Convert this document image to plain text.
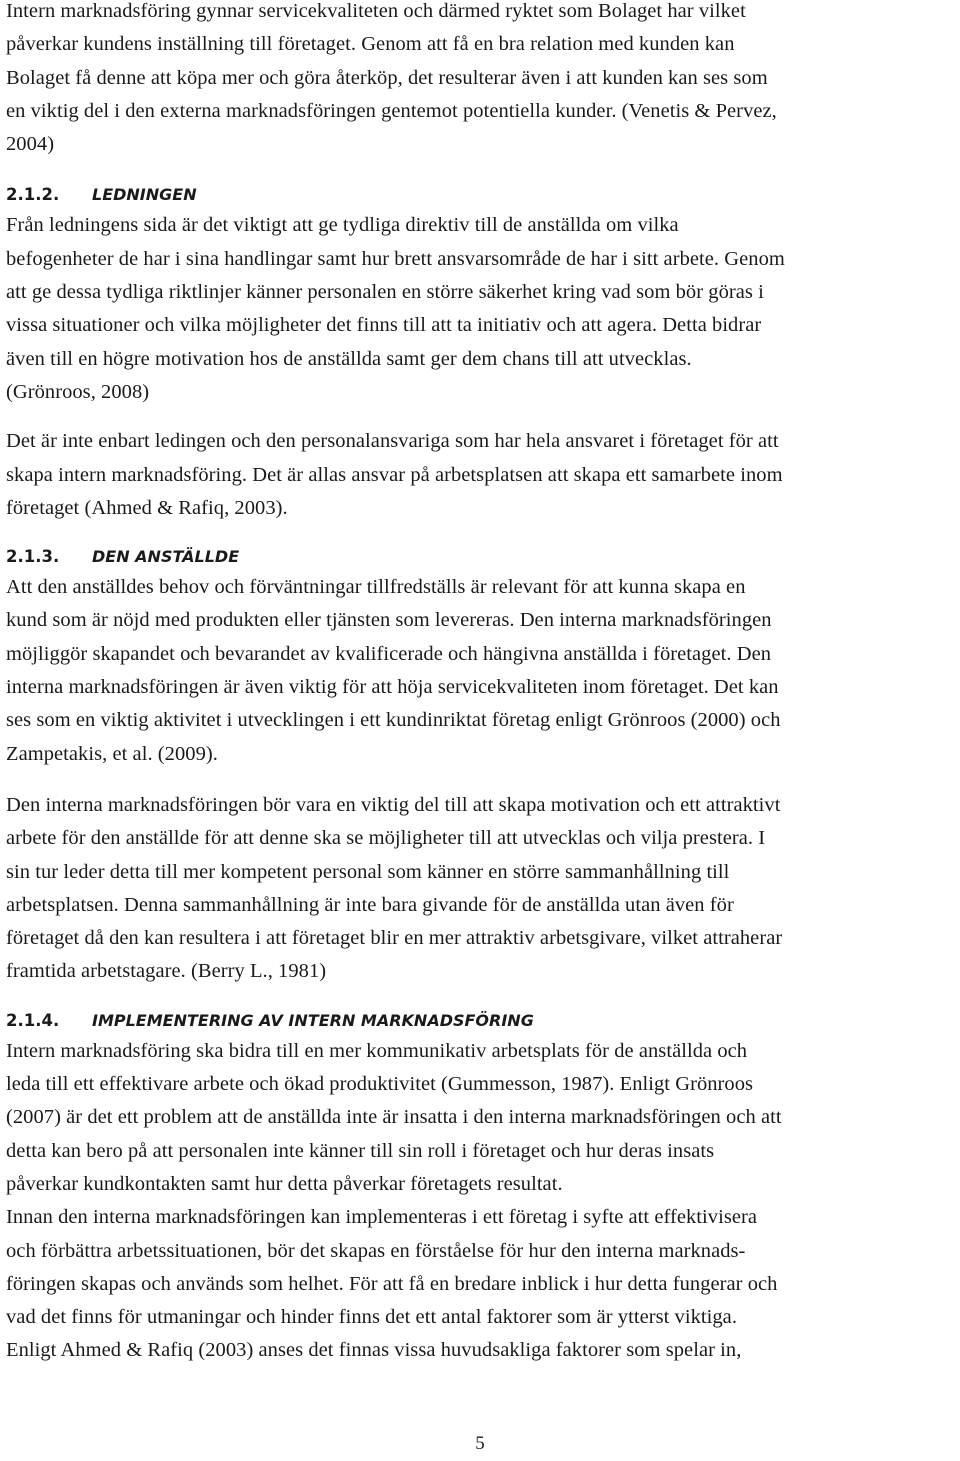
Intern marknadsföring gynnar servicekvaliteten och därmed ryktet som Bolaget har vilket
påverkar kundens inställning till företaget. Genom att få en bra relation med kunden kan
Bolaget få denne att köpa mer och göra återköp, det resulterar även i att kunden kan ses som
en viktig del i den externa marknadsföringen gentemot potentiella kunder. (Venetis & Pervez,
2004)

2.1.2. LEDNINGEN

Från ledningens sida är det viktigt att ge tydliga direktiv till de anställda om vilka
befogenheter de har i sina handlingar samt hur brett ansvarsområde de har i sitt arbete. Genom
att ge dessa tydliga riktlinjer känner personalen en större säkerhet kring vad som bör göras i
vissa situationer och vilka möjligheter det finns till att ta initiativ och att agera. Detta bidrar
även till en högre motivation hos de anställda samt ger dem chans till att utvecklas.
(Grönroos, 2008)

Det är inte enbart ledingen och den personalansvariga som har hela ansvaret i företaget för att
skapa intern marknadsföring. Det är allas ansvar på arbetsplatsen att skapa ett samarbete inom
företaget (Ahmed & Rafiq, 2003).

2.1.3. DEN ANSTÄLLDE

Att den anställdes behov och förväntningar tillfredställs är relevant för att kunna skapa en
kund som är nöjd med produkten eller tjänsten som levereras. Den interna marknadsföringen
möjliggör skapandet och bevarandet av kvalificerade och hängivna anställda i företaget. Den
interna marknadsföringen är även viktig för att höja servicekvaliteten inom företaget. Det kan
ses som en viktig aktivitet i utvecklingen i ett kundinriktat företag enligt Grönroos (2000) och
Zampetakis, et al. (2009).

Den interna marknadsföringen bör vara en viktig del till att skapa motivation och ett attraktivt
arbete för den anställde för att denne ska se möjligheter till att utvecklas och vilja prestera. I
sin tur leder detta till mer kompetent personal som känner en större sammanhållning till
arbetsplatsen. Denna sammanhållning är inte bara givande för de anställda utan även för
företaget då den kan resultera i att företaget blir en mer attraktiv arbetsgivare, vilket attraherar
framtida arbetstagare. (Berry L., 1981)

2.1.4. IMPLEMENTERING AV INTERN MARKNADSFÖRING

Intern marknadsföring ska bidra till en mer kommunikativ arbetsplats för de anställda och
leda till ett effektivare arbete och ökad produktivitet (Gummesson, 1987). Enligt Grönroos
(2007) är det ett problem att de anställda inte är insatta i den interna marknadsföringen och att
detta kan bero på att personalen inte känner till sin roll i företaget och hur deras insats
påverkar kundkontakten samt hur detta påverkar företagets resultat.

Innan den interna marknadsföringen kan implementeras i ett företag i syfte att effektivisera
och förbättra arbetssituationen, bör det skapas en förståelse för hur den interna marknads-
föringen skapas och används som helhet. För att få en bredare inblick i hur detta fungerar och
vad det finns för utmaningar och hinder finns det ett antal faktorer som är ytterst viktiga.
Enligt Ahmed & Rafiq (2003) anses det finnas vissa huvudsakliga faktorer som spelar in,

5
